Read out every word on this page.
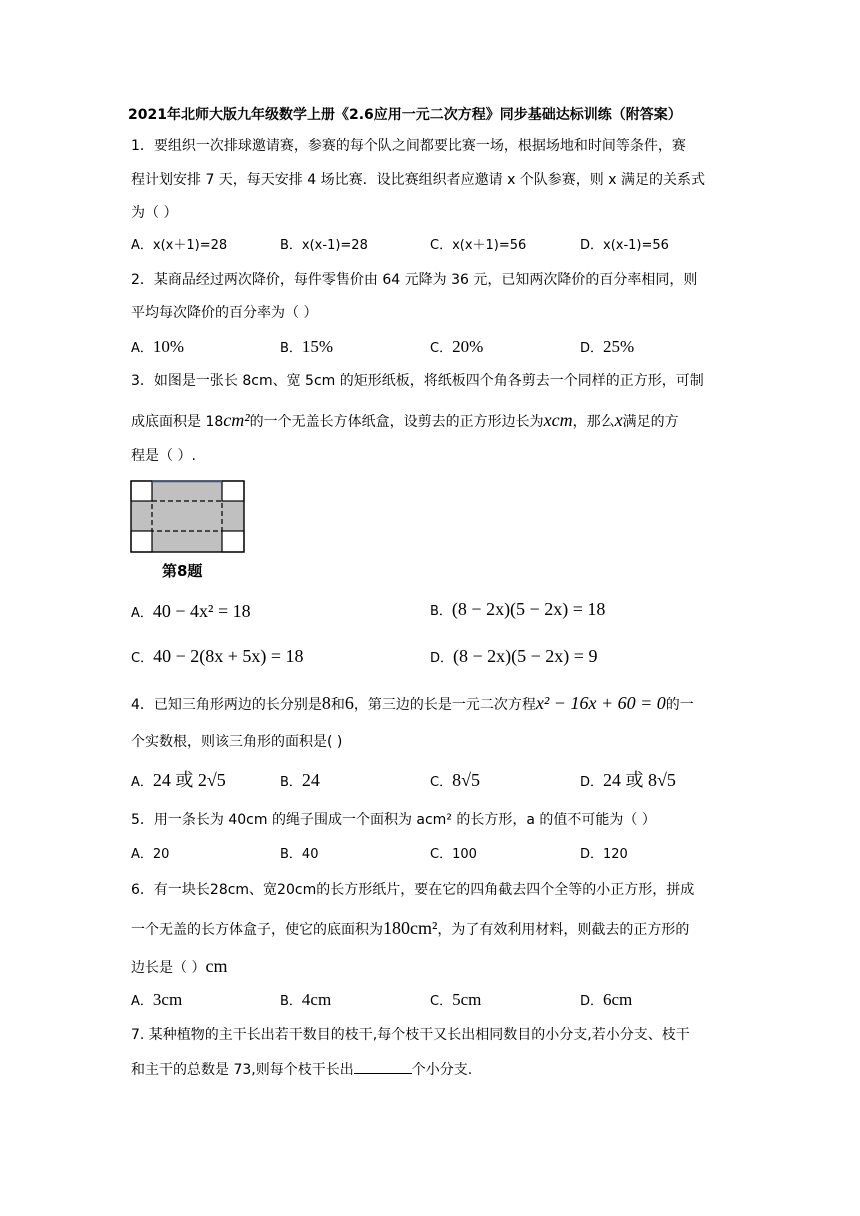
2021年北师大版九年级数学上册《2.6应用一元二次方程》同步基础达标训练（附答案）
1．要组织一次排球邀请赛，参赛的每个队之间都要比赛一场，根据场地和时间等条件，赛
程计划安排 7 天，每天安排 4 场比赛．设比赛组织者应邀请 x 个队参赛，则 x 满足的关系式
为（ ）
A．x(x＋1)=28	B．x(x-1)=28	C．x(x＋1)=56	D．x(x-1)=56
2．某商品经过两次降价，每件零售价由 64 元降为 36 元，已知两次降价的百分率相同，则
平均每次降价的百分率为（ ）
A．10%	B．15%	C．20%	D．25%
3．如图是一张长 8cm、宽 5cm 的矩形纸板，将纸板四个角各剪去一个同样的正方形，可制
成底面积是 18cm²的一个无盖长方体纸盒，设剪去的正方形边长为xcm，那么x满足的方
程是（ ）.
第8题
A．40 − 4x² = 18	B．(8 − 2x)(5 − 2x) = 18
C．40 − 2(8x + 5x) = 18	D．(8 − 2x)(5 − 2x) = 9
4．已知三角形两边的长分别是8和6，第三边的长是一元二次方程x² − 16x + 60 = 0的一
个实数根，则该三角形的面积是( )
A．24 或 2√5	B．24	C．8√5	D．24 或 8√5
5．用一条长为 40cm 的绳子围成一个面积为 acm² 的长方形，a 的值不可能为（ ）
A．20	B．40	C．100	D．120
6．有一块长28cm、宽20cm的长方形纸片，要在它的四角截去四个全等的小正方形，拼成
一个无盖的长方体盒子，使它的底面积为180cm²，为了有效利用材料，则截去的正方形的
边长是（ ）cm
A．3cm	B．4cm	C．5cm	D．6cm
7. 某种植物的主干长出若干数目的枝干,每个枝干又长出相同数目的小分支,若小分支、枝干
和主干的总数是 73,则每个枝干长出	个小分支.
